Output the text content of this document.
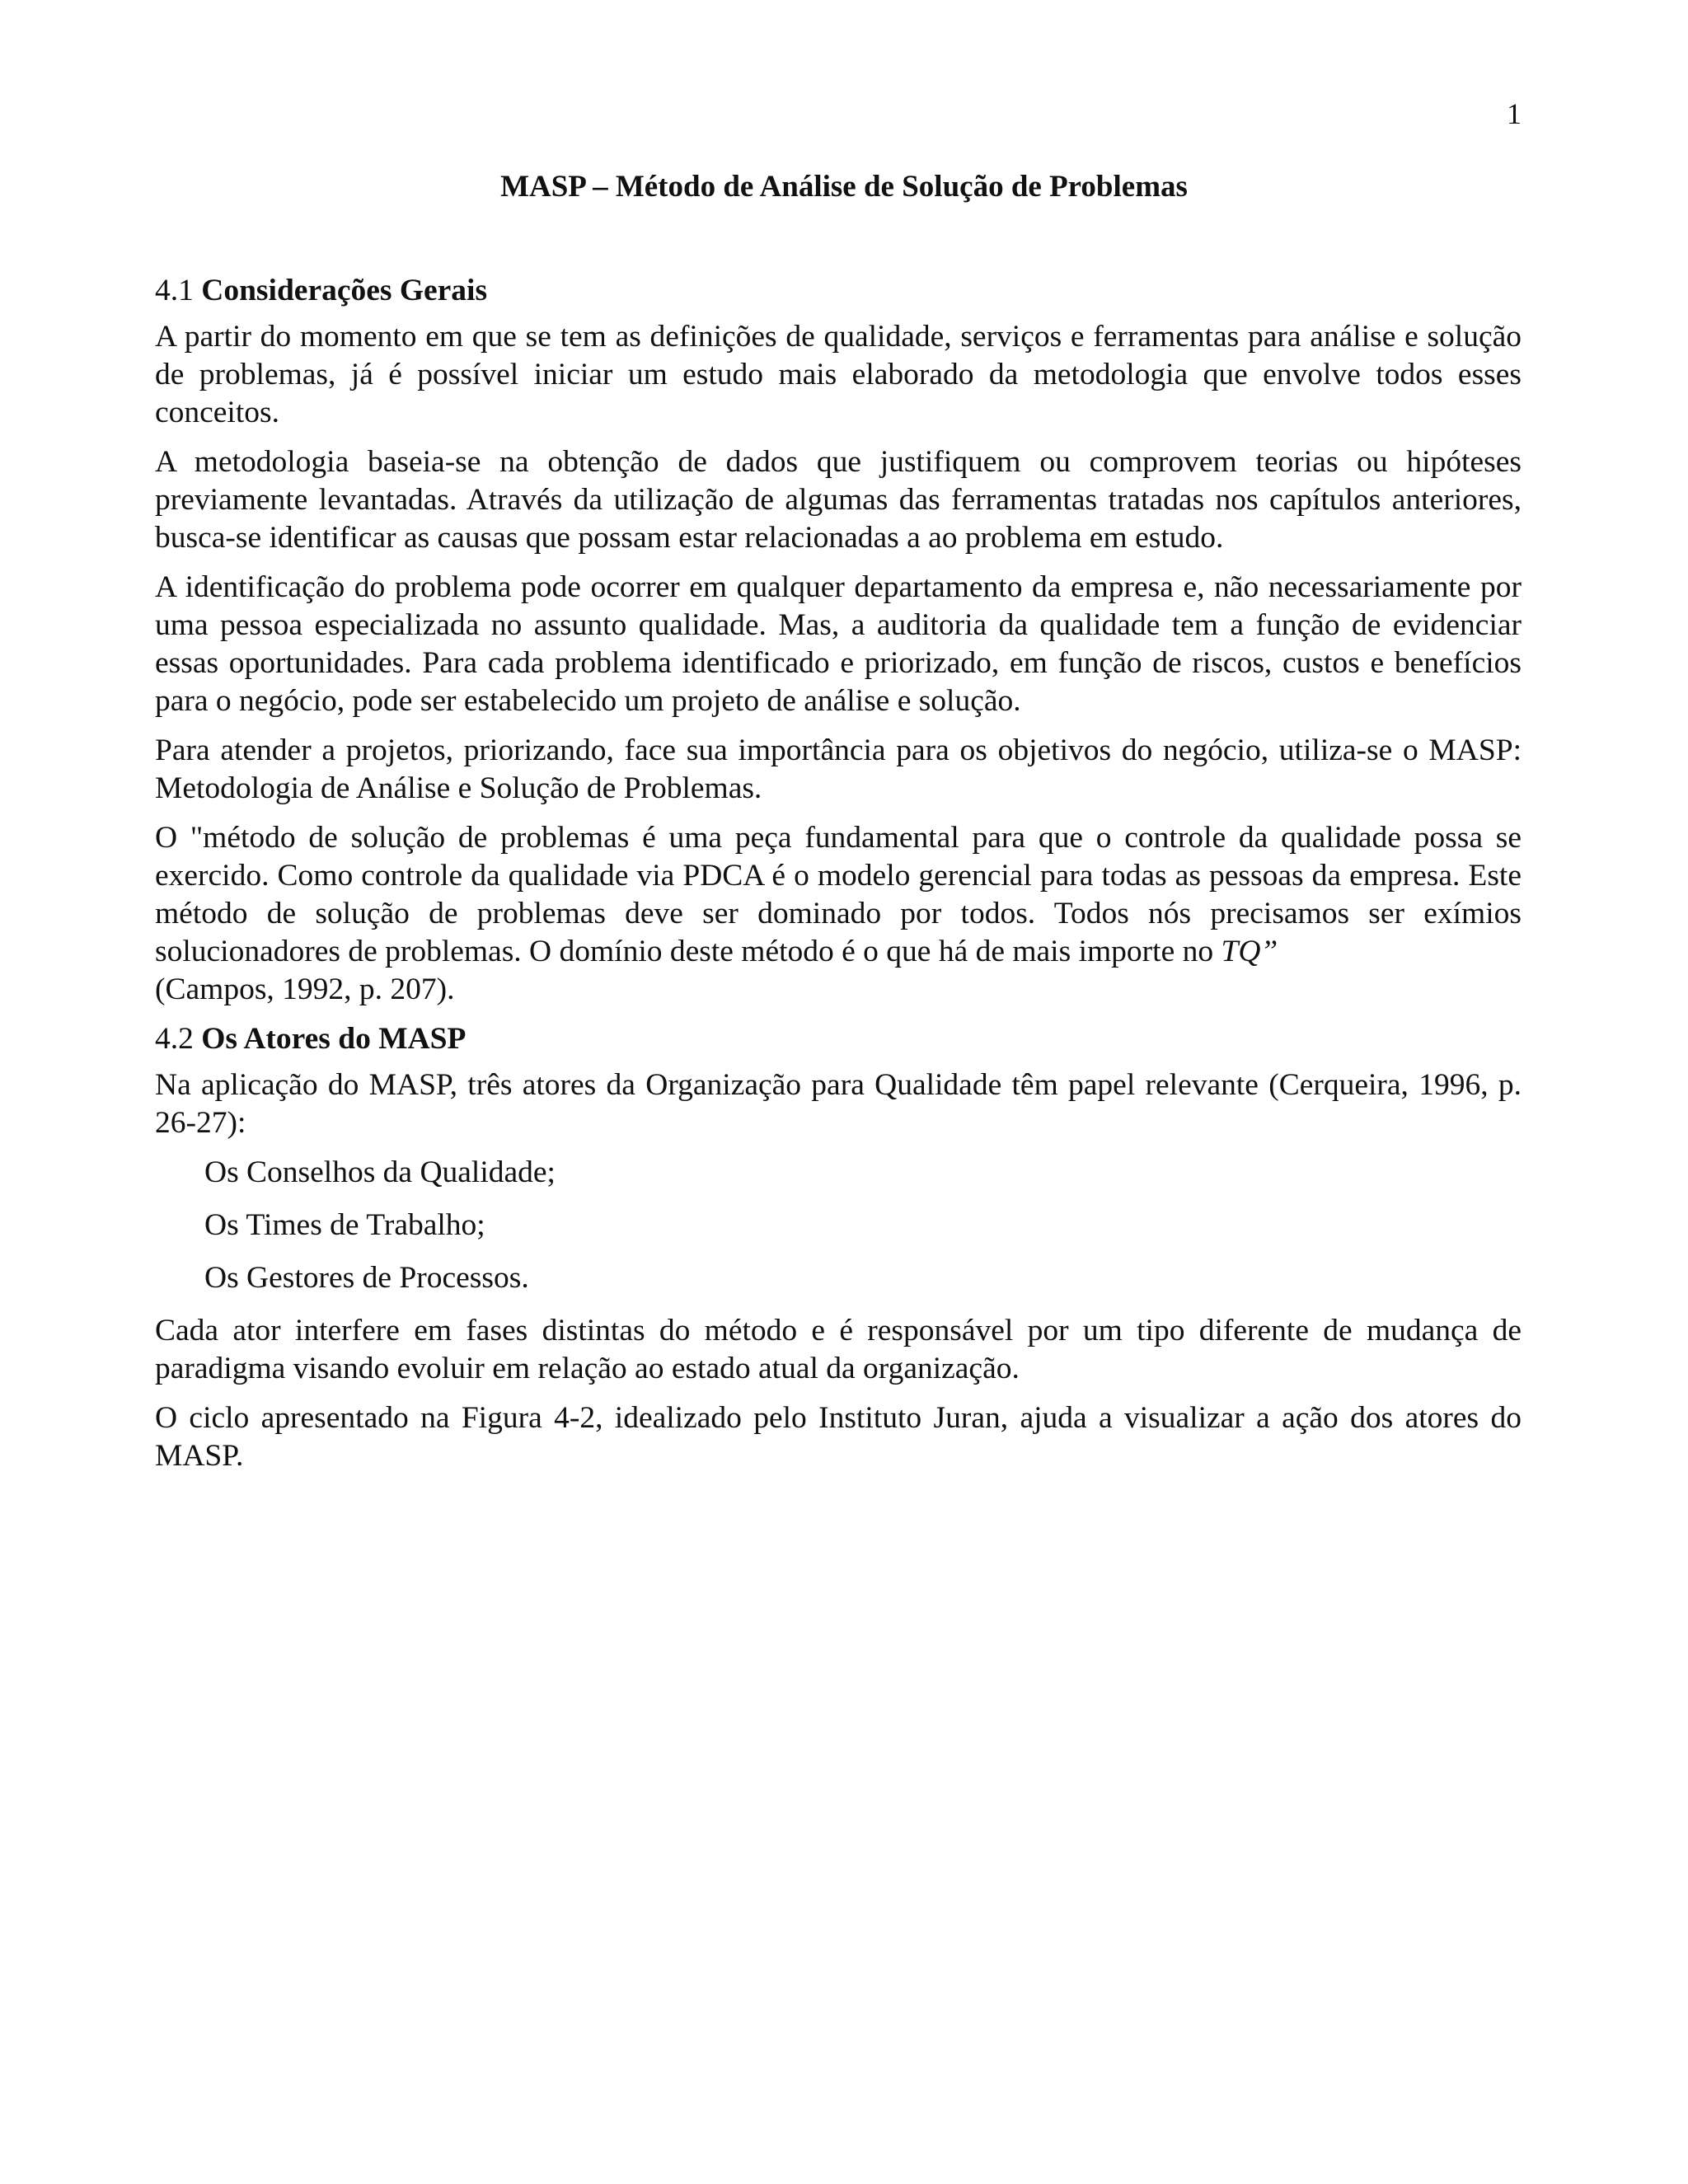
1
MASP – Método de Análise de Solução de Problemas
4.1 Considerações Gerais

A partir do momento em que se tem as definições de qualidade, serviços e ferramentas para análise e solução de problemas, já é possível iniciar um estudo mais elaborado da metodologia que envolve todos esses conceitos.

A metodologia baseia-se na obtenção de dados que justifiquem ou comprovem teorias ou hipóteses previamente levantadas. Através da utilização de algumas das ferramentas tratadas nos capítulos anteriores, busca-se identificar as causas que possam estar relacionadas a ao problema em estudo.

A identificação do problema pode ocorrer em qualquer departamento da empresa e, não necessariamente por uma pessoa especializada no assunto qualidade. Mas, a auditoria da qualidade tem a função de evidenciar essas oportunidades. Para cada problema identificado e priorizado, em função de riscos, custos e benefícios para o negócio, pode ser estabelecido um projeto de análise e solução.

Para atender a projetos, priorizando, face sua importância para os objetivos do negócio, utiliza-se o MASP: Metodologia de Análise e Solução de Problemas.

O "método de solução de problemas é uma peça fundamental para que o controle da qualidade possa se exercido. Como controle da qualidade via PDCA é o modelo gerencial para todas as pessoas da empresa. Este método de solução de problemas deve ser dominado por todos. Todos nós precisamos ser exímios solucionadores de problemas. O domínio deste método é o que há de mais importe no TQ”
(Campos, 1992, p. 207).

4.2 Os Atores do MASP

Na aplicação do MASP, três atores da Organização para Qualidade têm papel relevante (Cerqueira, 1996, p. 26-27):

Os Conselhos da Qualidade;
Os Times de Trabalho;
Os Gestores de Processos.

Cada ator interfere em fases distintas do método e é responsável por um tipo diferente de mudança de paradigma visando evoluir em relação ao estado atual da organização.

O ciclo apresentado na Figura 4-2, idealizado pelo Instituto Juran, ajuda a visualizar a ação dos atores do MASP.
